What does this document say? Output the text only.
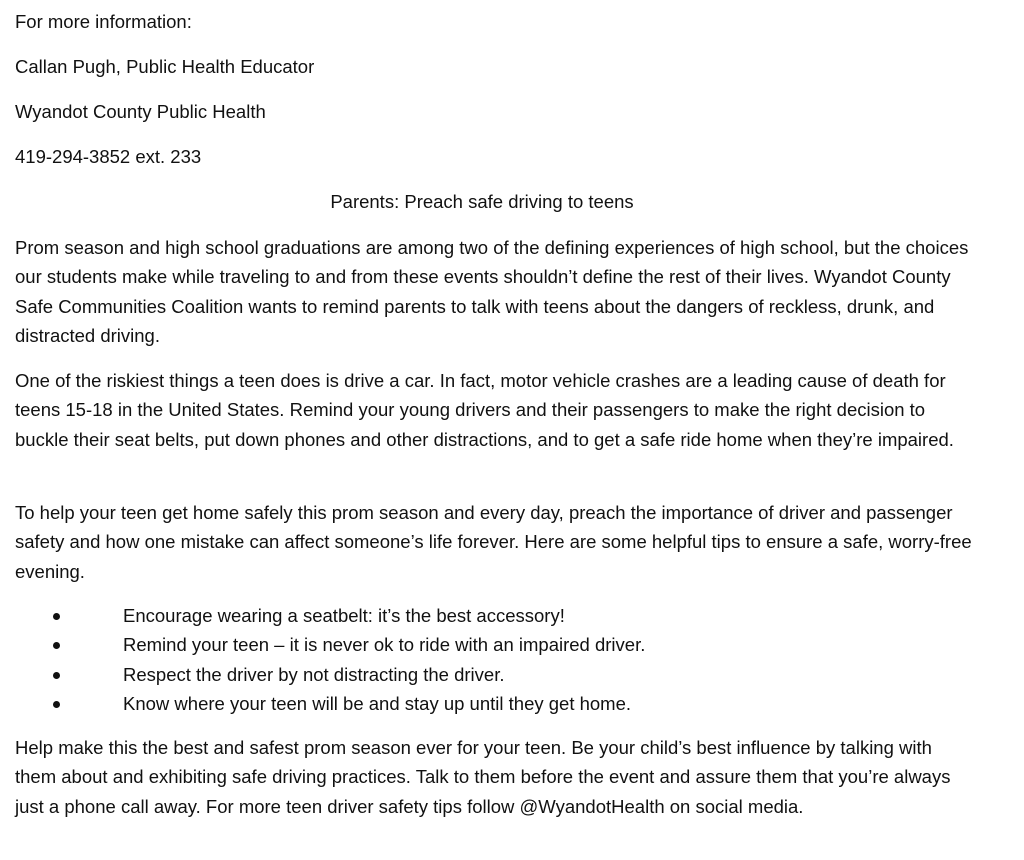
For more information:
Callan Pugh, Public Health Educator
Wyandot County Public Health
419-294-3852 ext. 233
Parents: Preach safe driving to teens

Prom season and high school graduations are among two of the defining experiences of high school, but the choices our students make while traveling to and from these events shouldn’t define the rest of their lives. Wyandot County Safe Communities Coalition wants to remind parents to talk with teens about the dangers of reckless, drunk, and distracted driving.

One of the riskiest things a teen does is drive a car. In fact, motor vehicle crashes are a leading cause of death for teens 15-18 in the United States. Remind your young drivers and their passengers to make the right decision to buckle their seat belts, put down phones and other distractions, and to get a safe ride home when they’re impaired.

To help your teen get home safely this prom season and every day, preach the importance of driver and passenger safety and how one mistake can affect someone’s life forever. Here are some helpful tips to ensure a safe, worry-free evening.

Encourage wearing a seatbelt: it’s the best accessory!
Remind your teen – it is never ok to ride with an impaired driver.
Respect the driver by not distracting the driver.
Know where your teen will be and stay up until they get home.

Help make this the best and safest prom season ever for your teen. Be your child’s best influence by talking with them about and exhibiting safe driving practices. Talk to them before the event and assure them that you’re always just a phone call away. For more teen driver safety tips follow @WyandotHealth on social media.
